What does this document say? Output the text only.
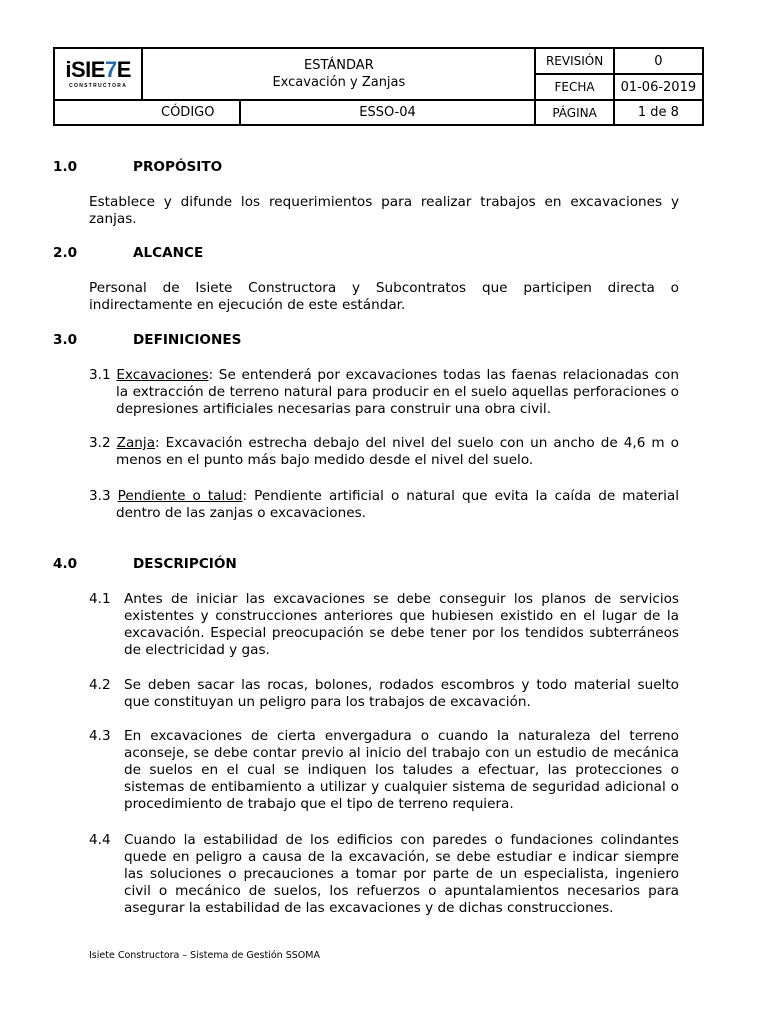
iSIE7E
CONSTRUCTORA	ESTÁNDAR
Excavación y Zanjas		REVISIÓN	0
			FECHA	01-06-2019
CÓDIGO		ESSO-04	PÁGINA	1 de 8
1.0	PROPÓSITO
Establece y difunde los requerimientos para realizar trabajos en excavaciones y zanjas.
2.0	ALCANCE
Personal de Isiete Constructora y Subcontratos que participen directa o indirectamente en ejecución de este estándar.
3.0	DEFINICIONES
3.1 Excavaciones: Se entenderá por excavaciones todas las faenas relacionadas con la extracción de terreno natural para producir en el suelo aquellas perforaciones o depresiones artificiales necesarias para construir una obra civil.
3.2 Zanja: Excavación estrecha debajo del nivel del suelo con un ancho de 4,6 m o menos en el punto más bajo medido desde el nivel del suelo.
3.3 Pendiente o talud: Pendiente artificial o natural que evita la caída de material dentro de las zanjas o excavaciones.
4.0	DESCRIPCIÓN
4.1 Antes de iniciar las excavaciones se debe conseguir los planos de servicios existentes y construcciones anteriores que hubiesen existido en el lugar de la excavación. Especial preocupación se debe tener por los tendidos subterráneos de electricidad y gas.
4.2 Se deben sacar las rocas, bolones, rodados escombros y todo material suelto que constituyan un peligro para los trabajos de excavación.
4.3 En excavaciones de cierta envergadura o cuando la naturaleza del terreno aconseje, se debe contar previo al inicio del trabajo con un estudio de mecánica de suelos en el cual se indiquen los taludes a efectuar, las protecciones o sistemas de entibamiento a utilizar y cualquier sistema de seguridad adicional o procedimiento de trabajo que el tipo de terreno requiera.
4.4 Cuando la estabilidad de los edificios con paredes o fundaciones colindantes quede en peligro a causa de la excavación, se debe estudiar e indicar siempre las soluciones o precauciones a tomar por parte de un especialista, ingeniero civil o mecánico de suelos, los refuerzos o apuntalamientos necesarios para asegurar la estabilidad de las excavaciones y de dichas construcciones.
Isiete Constructora – Sistema de Gestión SSOMA
